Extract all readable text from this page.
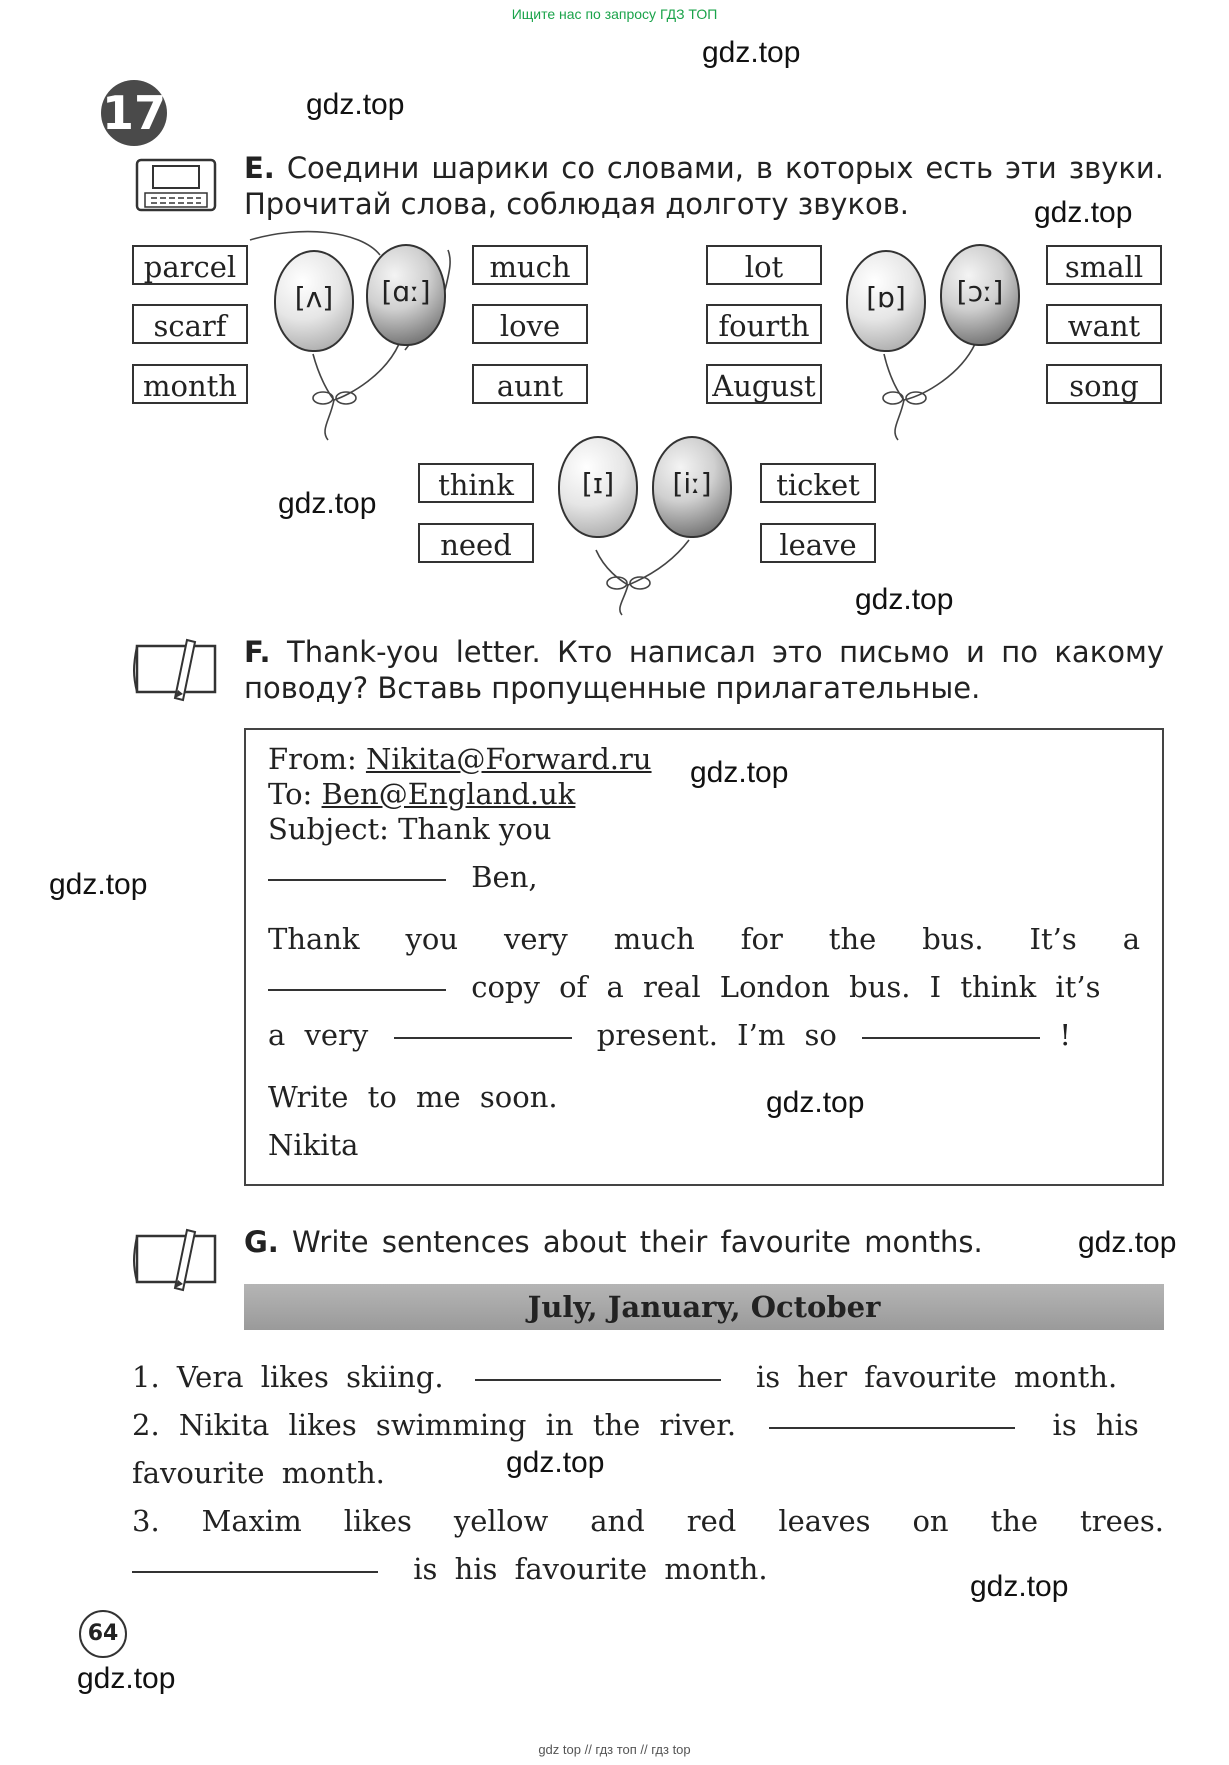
Ищите нас по запросу ГДЗ ТОП
gdz.top
gdz.top
gdz.top
gdz.top
gdz.top
gdz.top
gdz.top
gdz.top
gdz.top
gdz.top
gdz.top
gdz.top
17
E. Соедини шарики со словами, в которых есть эти звуки. Прочитай слова, соблюдая долготу звуков.
parcel
scarf
month
[ʌ]	[ɑː]
much
love
aunt
lot
fourth
August
[ɒ]	[ɔː]
small
want
song
think
need
[ɪ]	[iː]	ticket
leave
F. Thank-you letter. Кто написал это письмо и по какому поводу? Вставь пропущенные прилагательные.
From: Nikita@Forward.ru
To: Ben@England.uk
Subject: Thank you
Ben,
Thank you very much for the bus. It’s a
copy of a real London bus. I think it’s
a very	present. I’m so	!
Write to me soon.
Nikita
G. Write sentences about their favourite months.
July, January, October
1. Vera likes skiing.	is her favourite month.
2. Nikita likes swimming in the river.	is his
favourite month.
3. Maxim likes yellow and red leaves on the trees.
is his favourite month.
64
gdz top // гдз топ // гдз top
